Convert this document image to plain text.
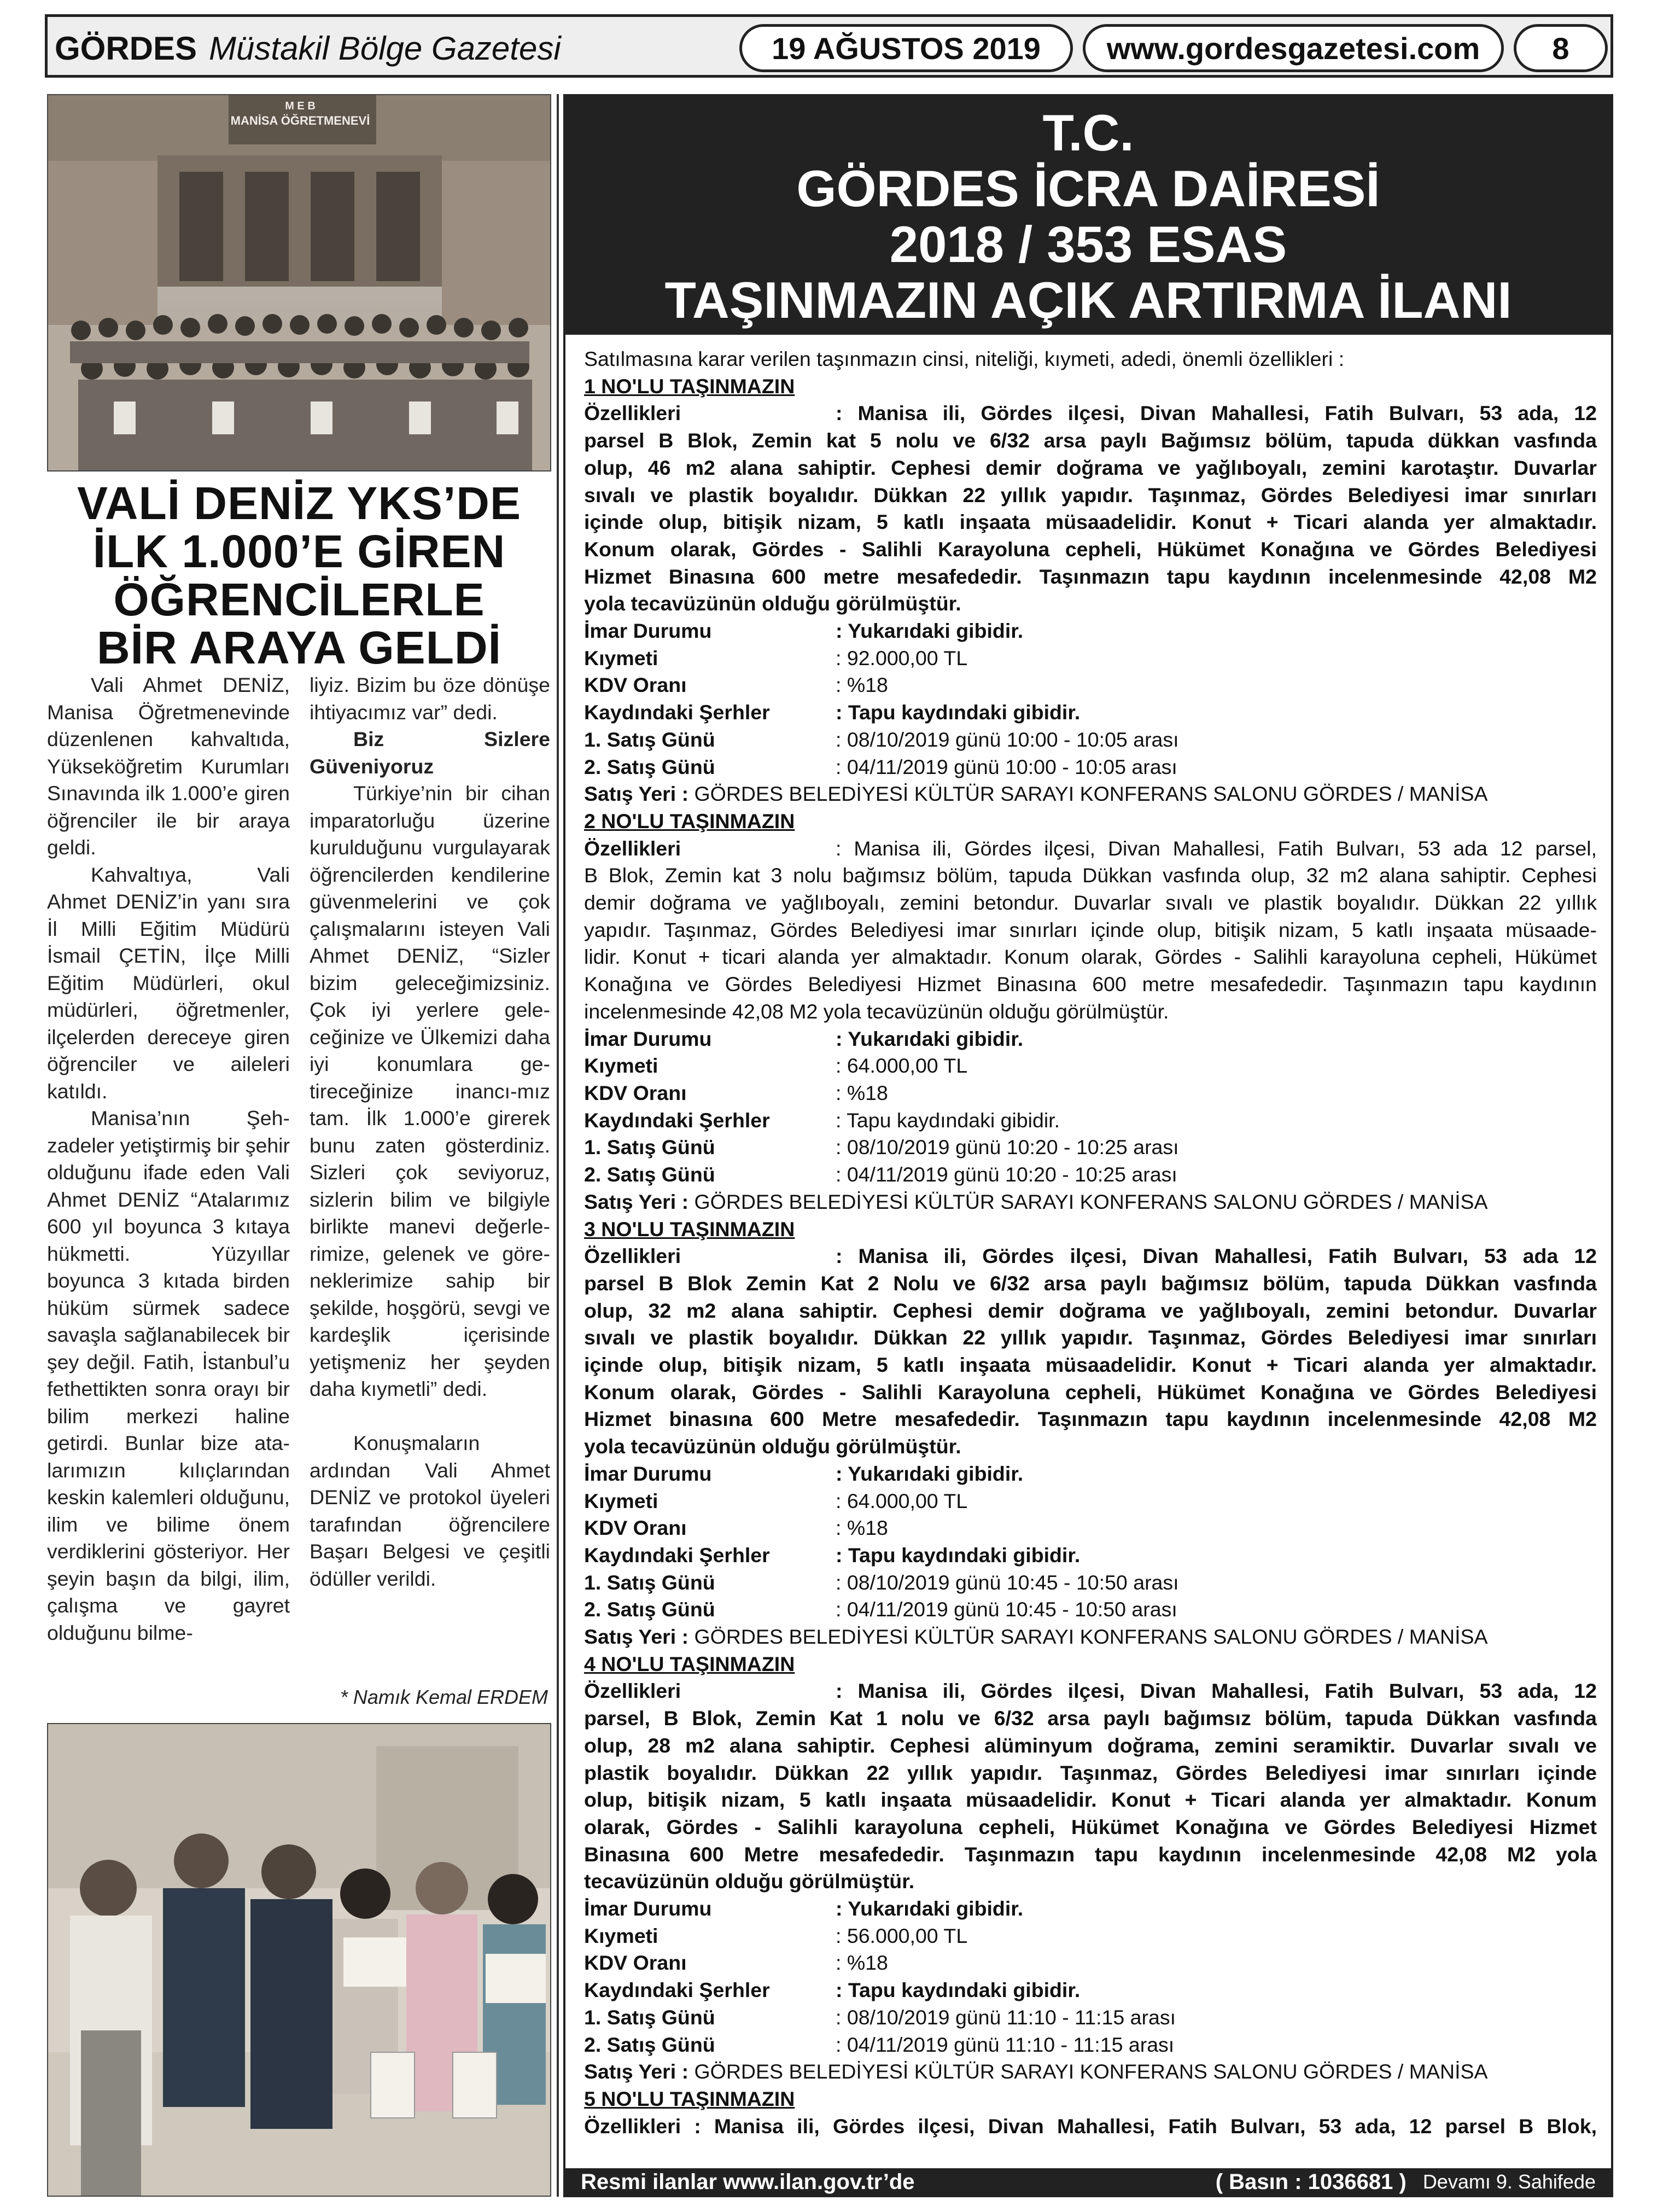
GÖRDES Müstakil Bölge Gazetesi	19 AĞUSTOS 2019	www.gordesgazetesi.com	8
M E B
MANİSA ÖĞRETMENEVİ
VALİ DENİZ YKS’DE
İLK 1.000’E GİREN
ÖĞRENCİLERLE
BİR ARAYA GELDİ

Vali Ahmet DENİZ, Manisa Öğretmenevinde düzenlenen kahvaltıda, Yükseköğretim Kurumları Sınavında ilk 1.000’e giren öğrenciler ile bir araya geldi.

Kahvaltıya, Vali Ahmet DENİZ’in yanı sıra İl Milli Eğitim Müdürü İsmail ÇETİN, İlçe Milli Eğitim Müdürleri, okul müdürleri, öğretmenler, ilçelerden dereceye giren öğrenciler ve aileleri katıldı.

Manisa’nın Şehzadeler yetiştirmiş bir şehir olduğunu ifade eden Vali Ahmet DENİZ “Atalarımız 600 yıl boyunca 3 kıtaya hükmetti. Yüzyıllar boyunca 3 kıtada birden hüküm sürmek sadece savaşla sağlanabilecek bir şey değil. Fatih, İstanbul’u fethettikten sonra orayı bir bilim merkezi haline getirdi. Bunlar bize atalarımızın kılıçlarından keskin kalemleri olduğunu, ilim ve bilime önem verdiklerini gösteriyor. Her şeyin başın da bilgi, ilim, çalışma ve gayret olduğunu bilme-

liyiz. Bizim bu öze dönüşe ihtiyacımız var” dedi.

Biz Sizlere

Güveniyoruz

Türkiye’nin bir cihan imparatorluğu üzerine kurulduğunu vurgulayarak öğrencilerden kendilerine güvenmelerini ve çok çalışmalarını isteyen Vali Ahmet DENİZ, “Sizler bizim geleceğimizsiniz. Çok iyi yerlere geleceğinize ve Ülkemizi daha iyi konumlara getireceğinize inancı-mız tam. İlk 1.000’e girerek bunu zaten gösterdiniz. Sizleri çok seviyoruz, sizlerin bilim ve bilgiyle birlikte manevi değerlerimize, gelenek ve göreneklerimize sahip bir şekilde, hoşgörü, sevgi ve kardeşlik içerisinde yetişmeniz her şeyden daha kıymetli” dedi.

Konuşmaların ardından Vali Ahmet DENİZ ve protokol üyeleri tarafından öğrencilere Başarı Belgesi ve çeşitli ödüller verildi.

* Namık Kemal ERDEM
T.C.
GÖRDES İCRA DAİRESİ
2018 / 353 ESAS
TAŞINMAZIN AÇIK ARTIRMA İLANI
Satılmasına karar verilen taşınmazın cinsi, niteliği, kıymeti, adedi, önemli özellikleri :
1 NO'LU TAŞINMAZIN
Özellikleri	: Manisa ili, Gördes ilçesi, Divan Mahallesi, Fatih Bulvarı, 53 ada, 12
parsel B Blok, Zemin kat 5 nolu ve 6/32 arsa paylı Bağımsız bölüm, tapuda dükkan vasfında
olup, 46 m2 alana sahiptir. Cephesi demir doğrama ve yağlıboyalı, zemini karotaştır. Duvarlar
sıvalı ve plastik boyalıdır. Dükkan 22 yıllık yapıdır. Taşınmaz, Gördes Belediyesi imar sınırları
içinde olup, bitişik nizam, 5 katlı inşaata müsaadelidir. Konut + Ticari alanda yer almaktadır.
Konum olarak, Gördes - Salihli Karayoluna cepheli, Hükümet Konağına ve Gördes Belediyesi
Hizmet Binasına 600 metre mesafededir. Taşınmazın tapu kaydının incelenmesinde 42,08 M2
yola tecavüzünün olduğu görülmüştür.
İmar Durumu	: Yukarıdaki gibidir.
Kıymeti	: 92.000,00 TL
KDV Oranı	: %18
Kaydındaki Şerhler	: Tapu kaydındaki gibidir.
1. Satış Günü	: 08/10/2019 günü 10:00 - 10:05 arası
2. Satış Günü	: 04/11/2019 günü 10:00 - 10:05 arası
Satış Yeri : GÖRDES BELEDİYESİ KÜLTÜR SARAYI KONFERANS SALONU GÖRDES / MANİSA
2 NO'LU TAŞINMAZIN
Özellikleri	: Manisa ili, Gördes ilçesi, Divan Mahallesi, Fatih Bulvarı, 53 ada 12 parsel,
B Blok, Zemin kat 3 nolu bağımsız bölüm, tapuda Dükkan vasfında olup, 32 m2 alana sahiptir. Cephesi
demir doğrama ve yağlıboyalı, zemini betondur. Duvarlar sıvalı ve plastik boyalıdır. Dükkan 22 yıllık
yapıdır. Taşınmaz, Gördes Belediyesi imar sınırları içinde olup, bitişik nizam, 5 katlı inşaata müsaade-
lidir. Konut + ticari alanda yer almaktadır. Konum olarak, Gördes - Salihli karayoluna cepheli, Hükümet
Konağına ve Gördes Belediyesi Hizmet Binasına 600 metre mesafededir. Taşınmazın tapu kaydının
incelenmesinde 42,08 M2 yola tecavüzünün olduğu görülmüştür.
İmar Durumu	: Yukarıdaki gibidir.
Kıymeti	: 64.000,00 TL
KDV Oranı	: %18
Kaydındaki Şerhler	: Tapu kaydındaki gibidir.
1. Satış Günü	: 08/10/2019 günü 10:20 - 10:25 arası
2. Satış Günü	: 04/11/2019 günü 10:20 - 10:25 arası
Satış Yeri : GÖRDES BELEDİYESİ KÜLTÜR SARAYI KONFERANS SALONU GÖRDES / MANİSA
3 NO'LU TAŞINMAZIN
Özellikleri	: Manisa ili, Gördes ilçesi, Divan Mahallesi, Fatih Bulvarı, 53 ada 12
parsel B Blok Zemin Kat 2 Nolu ve 6/32 arsa paylı bağımsız bölüm, tapuda Dükkan vasfında
olup, 32 m2 alana sahiptir. Cephesi demir doğrama ve yağlıboyalı, zemini betondur. Duvarlar
sıvalı ve plastik boyalıdır. Dükkan 22 yıllık yapıdır. Taşınmaz, Gördes Belediyesi imar sınırları
içinde olup, bitişik nizam, 5 katlı inşaata müsaadelidir. Konut + Ticari alanda yer almaktadır.
Konum olarak, Gördes - Salihli Karayoluna cepheli, Hükümet Konağına ve Gördes Belediyesi
Hizmet binasına 600 Metre mesafededir. Taşınmazın tapu kaydının incelenmesinde 42,08 M2
yola tecavüzünün olduğu görülmüştür.
İmar Durumu	: Yukarıdaki gibidir.
Kıymeti	: 64.000,00 TL
KDV Oranı	: %18
Kaydındaki Şerhler	: Tapu kaydındaki gibidir.
1. Satış Günü	: 08/10/2019 günü 10:45 - 10:50 arası
2. Satış Günü	: 04/11/2019 günü 10:45 - 10:50 arası
Satış Yeri : GÖRDES BELEDİYESİ KÜLTÜR SARAYI KONFERANS SALONU GÖRDES / MANİSA
4 NO'LU TAŞINMAZIN
Özellikleri	: Manisa ili, Gördes ilçesi, Divan Mahallesi, Fatih Bulvarı, 53 ada, 12
parsel, B Blok, Zemin Kat 1 nolu ve 6/32 arsa paylı bağımsız bölüm, tapuda Dükkan vasfında
olup, 28 m2 alana sahiptir. Cephesi alüminyum doğrama, zemini seramiktir. Duvarlar sıvalı ve
plastik boyalıdır. Dükkan 22 yıllık yapıdır. Taşınmaz, Gördes Belediyesi imar sınırları içinde
olup, bitişik nizam, 5 katlı inşaata müsaadelidir. Konut + Ticari alanda yer almaktadır. Konum
olarak, Gördes - Salihli karayoluna cepheli, Hükümet Konağına ve Gördes Belediyesi Hizmet
Binasına 600 Metre mesafededir. Taşınmazın tapu kaydının incelenmesinde 42,08 M2 yola
tecavüzünün olduğu görülmüştür.
İmar Durumu	: Yukarıdaki gibidir.
Kıymeti	: 56.000,00 TL
KDV Oranı	: %18
Kaydındaki Şerhler	: Tapu kaydındaki gibidir.
1. Satış Günü	: 08/10/2019 günü 11:10 - 11:15 arası
2. Satış Günü	: 04/11/2019 günü 11:10 - 11:15 arası
Satış Yeri : GÖRDES BELEDİYESİ KÜLTÜR SARAYI KONFERANS SALONU GÖRDES / MANİSA
5 NO'LU TAŞINMAZIN
Özellikleri : Manisa ili, Gördes ilçesi, Divan Mahallesi, Fatih Bulvarı, 53 ada, 12 parsel B Blok,
Resmi ilanlar www.ilan.gov.tr’de	( Basın : 1036681 ) Devamı 9. Sahifede
